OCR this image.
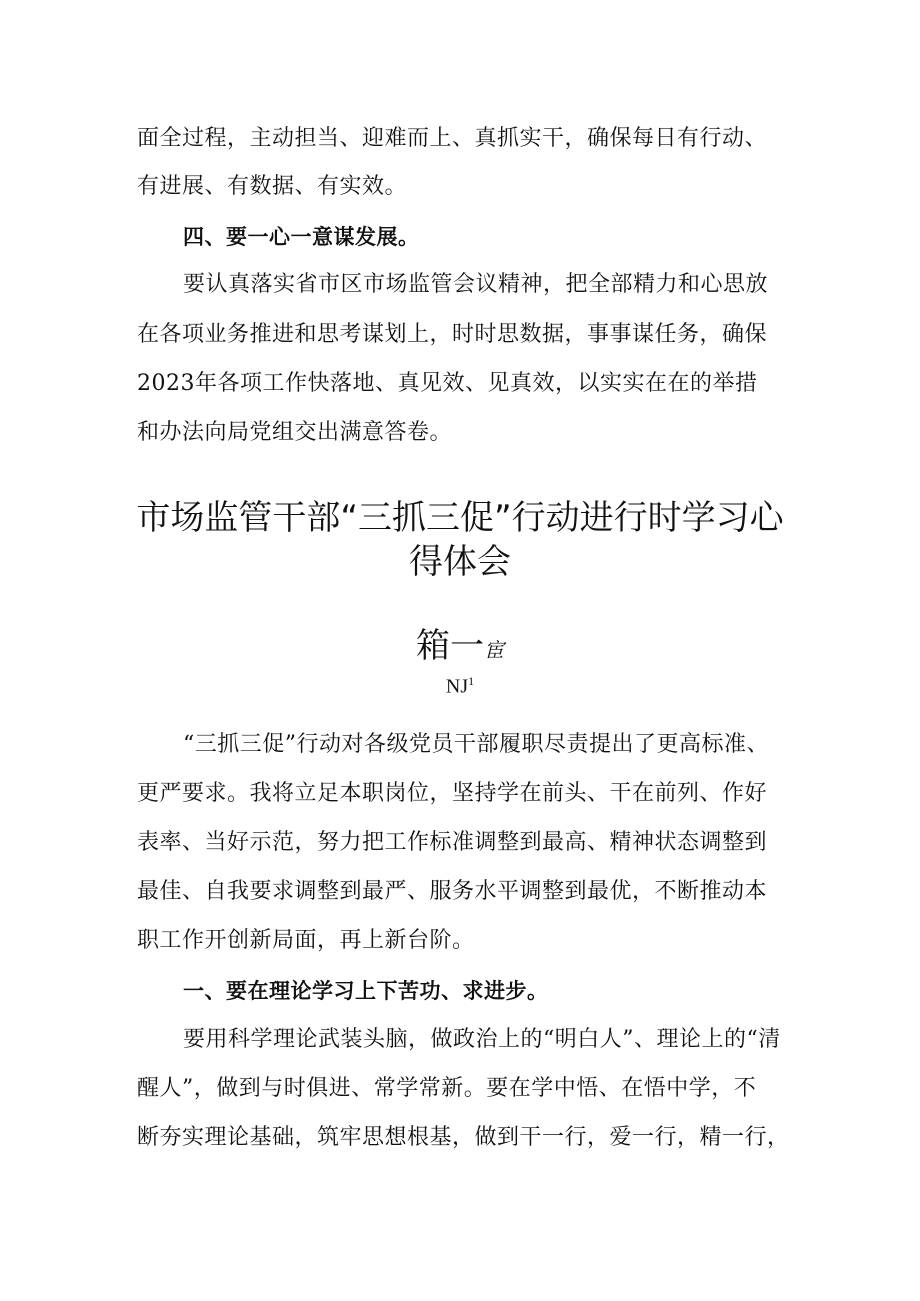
面全过程，主动担当、迎难而上、真抓实干，确保每日有行动、
有进展、有数据、有实效。
四、要一心一意谋发展。
要认真落实省市区市场监管会议精神，把全部精力和心思放
在各项业务推进和思考谋划上，时时思数据，事事谋任务，确保
2023年各项工作快落地、真见效、见真效，以实实在在的举措
和办法向局党组交出满意答卷。
市场监管干部“三抓三促”行动进行时学习心
得体会
箱一宦
$NJ^1$
“三抓三促”行动对各级党员干部履职尽责提出了更高标准、
更严要求。我将立足本职岗位，坚持学在前头、干在前列、作好
表率、当好示范，努力把工作标准调整到最高、精神状态调整到
最佳、自我要求调整到最严、服务水平调整到最优，不断推动本
职工作开创新局面，再上新台阶。
一、要在理论学习上下苦功、求进步。
要用科学理论武装头脑，做政治上的“明白人”、理论上的“清
醒人”，做到与时俱进、常学常新。要在学中悟、在悟中学，不
断夯实理论基础，筑牢思想根基，做到干一行，爱一行，精一行，
